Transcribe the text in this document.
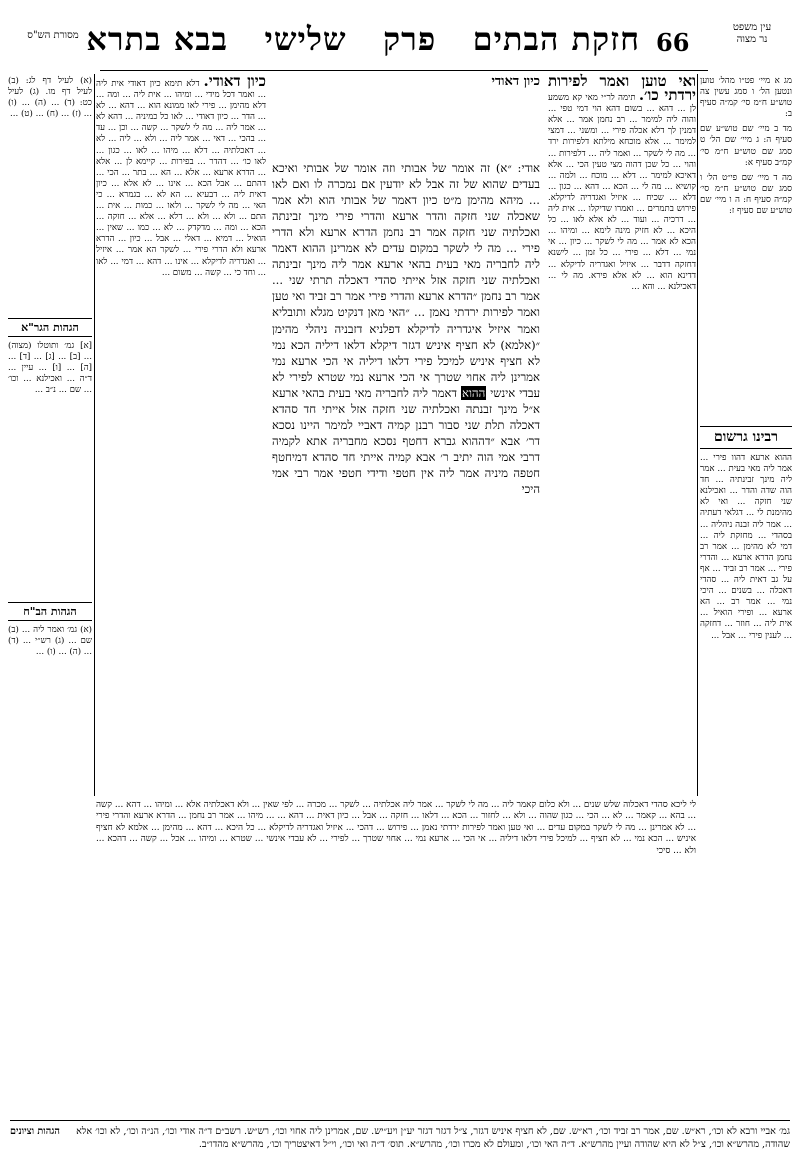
עין משפט
נר מצוה
66
חזקת הבתים   פרק   שלישי   בבא בתרא
מסורת הש"ס

מג א מיי׳ פט״ו מהל׳ טוען ונטען הל׳ ו סמג עשין צה טוש״ע ח״מ סי׳ קמ״ה סעיף ב:

מד ב מיי׳ שם טוש״ע שם סעיף ה: ג מיי׳ שם הל׳ ט סמג שם טוש״ע ח״מ סי׳ קמ״ב סעיף א:

מה ד מיי׳ שם פי״ט הל׳ ו סמג שם טוש״ע ח״מ סי׳ קמ״ה סעיף ח: ה ו מיי׳ שם טוש״ע שם סעיף ז:

רבינו גרשום
ההוא ארעא דהוו פירי ... אמר ליה מאי בעית ... אמר ליה מינך זבינתיה ... חד הוה שדה והדר ... ואכילנא שני חזקה ... ואי לא מהימנת לי ... דגלאי דעתיה ... אמר ליה זבנה ניהליה ... בסהדי ... מחזקת ליה ... דמי לא מהימן ... אמר רב נחמן הדרא ארעא ... והדרי פירי ... אמר רב זביד ... אף על גב דאית ליה ... סהדי דאכלה ... בשנים ... היכי נמי ... אמר רב ... הא ארעא ... ופירי הואיל ... אית ליה ... חוזר ... דחזקה ... לענין פירי ... אבל ...

ואי טוען ואמר לפירות ירדתי כו׳. תימה לר״י מאי קא משמע לן ... דהא ... בשום דהא הוי דמי טפי ... והוה ליה למימר ... רב נחמן אמר ... אלא דמנין לך דלא אכלה פירי ... ומשני ... דמצי למימר ... אלא מוכחא מילתא דלפירות ירד ... מה לי לשקר ... ואמר ליה ... דלפירות ... והוי ... כל שכן דהוה מצי טעין הכי ... אלא דאיכא למימר ... דלא ... מוכח ... ולמה ... קושיא ... מה לי ... הכא ... דהא ... כגון ... דלא ... שכיח ... איזיל ואגדריה לדיקלא. פירוש בתמרים ... ואמרו שדיקלו ... אית ליה ... דרכיה ... ועוד ... לא אלא לאו ... כל היכא ... לא חזיק מינה לימא ... ומיהו ... הכא לא אמר ... מה לי לשקר ... כיון ... אי נמי ... דלא ... פירי ... כל זמן ... לישנא דחזקה דדבר ... איזיל ואגדריה לדיקלא ... דדינא הוא ... לא אלא פירא. מה לי ... דאכילנא ... והא ...

כיון דאודי

אודי: ״א) זה אומר של אבותי וזה אומר של אבותי ואיכא בעדים שהוא של זה אבל לא יודעין אם נמכרה לו ואם לאו ... מיהא מהימן מ״ט כיון דאמר של אבותי הוא ולא אמר שאכלה שני חזקה והדר ארעא והדרי פירי מינך זבינתה ואכלתיה שני חזקה אמר רב נחמן הדרא ארעא ולא הדרי פירי ... מה לי לשקר במקום עדים לא אמרינן ההוא דאמר ליה לחבריה מאי בעית בהאי ארעא אמר ליה מינך זבינתה ואכלתיה שני חזקה אזל אייתי סהדי דאכלה תרתי שני ... אמר רב נחמן ״הדרא ארעא והדרי פירי אמר רב זביד ואי טען ואמר לפירות ירדתי נאמן ... ״האי מאן דנקיט מגלא ותובליא ואמר איזיל איגדריה לדיקלא דפלניא דזבניה ניהלי מהימן ״(אלמא) לא חציף איניש דגזר דיקלא דלאו דיליה הכא נמי לא חציף איניש למיכל פירי דלאו דיליה אי הכי ארעא נמי אמרינן ליה אחוי שטרך אי הכי ארעא נמי שטרא לפירי לא עבדי אינשי ההוא דאמר ליה לחבריה מאי בעית בהאי ארעא א״ל מינך זבנתה ואכלתיה שני חזקה אזל אייתי חד סהדא דאכלה תלת שני סבור רבנן קמיה דאביי למימר היינו נסכא דר׳ אבא ״דההוא גברא דחטף נסכא מחבריה אתא לקמיה דרבי אמי הוה יתיב ר׳ אבא קמיה אייתי חד סהדא דמיחטף חטפה מיניה אמר ליה אין חטפי ודידי חטפי אמר רבי אמי היכי

כיון דאודי. דלא תימא כיון דאודי אית ליה ... ואמר דכל מידי ... ומיהו ... אית ליה ... ומה ... דלא מהימן ... פירי לאו ממונא הוא ... דהא ... לא ... הדר ... כיון דאודי ... לאו כל כמיניה ... דהא לא ... אמר ליה ... מה לי לשקר ... קשה ... וכן ... עד ... בהכי ... דאי ... אמר ליה ... ולא ... ליה ... לא ... דאכלתיה ... דלא ... מיהו ... לאו ... כגון ... לאו כו׳ ... דהדר ... בפירות ... קיימא לן ... אלא ... הדרא ארעא ... אלא ... הא ... בתר ... הכי ... דהתם ... אבל הכא ... אינו ... לא אלא ... כיון דאית ליה ... דבעיא ... הא לא ... בגמרא ... כי האי ... מה לי לשקר ... ולאו ... כמות ... אית ... התם ... ולא ... ולא ... דלא ... אלא ... חזקה ... הכא ... ומה ... מדקדק ... לא ... כמו ... שאין ... הואיל ... דמיא ... דאלי ... אבל ... כיון ... הדרא ארעא ולא הדרי פירי ... לשקר הא אמר ... איזיל ... ואגדריה לדיקלא ... אינו ... דהא ... דמי ... לאו ... וחד כי ... קשה ... משום ...

(א) לעיל דף לג: (ב) לעיל דף מו. (ג) לעיל כט: (ד) ... (ה) ... (ו) ... (ז) ... (ח) ... (ט) ...
הגהות הגר"א
[א] גמ׳ ותוטלו (מצוה) ... [ב] ... [ג] ... [ד] ... [ה] ... [ו] ... עיין ... ד״ה ... ואכילנא ... וכו׳ ... שם ... נ״ב ...
הגהות הב"ח
(א) גמ׳ ואמר ליה ... (ב) שם ... (ג) רש״י ... (ד) ... (ה) ... (ו) ...
לי ליכא סהדי דאכלוה שלש שנים ... ולא כלום קאמר ליה ... מה לי לשקר ... אמר ליה אכלתיה ... לשקר ... מכרה ... לפי שאין ... ולא דאכלתיה אלא ... ומיהו ... דהא ... קשה ... בהא ... קאמר ... לא ... הכי ... כגון שהוה ... ולא ... לחזור ... הכא ... דלאו ... חזקה ... אבל ... כיון דאית ... דהא ... ... מיהו ... אמר רב נחמן ... הדרא ארעא והדרי פירי ... לא אמרינן ... מה לי לשקר במקום עדים ... ואי טען ואמר לפירות ירדתי נאמן ... פירוש ... דהכי ... איזיל ואגדריה לדיקלא ... כל היכא ... דהא ... מהימן ... אלמא לא חציף איניש ... הכא נמי ... לא חציף ... למיכל פירי דלאו דיליה ... אי הכי ... ארעא נמי ... אחוי שטרך ... לפירי ... לא עבדי אינשי ... שטרא ... ומיהו ... אכל ... קשה ... דהכא ... ולא ... סיכי
הגהות וציונים גמ׳ אביי ורבא לא וכו׳, רא״ש. שם, אמר רב זביד וכו׳, רא״ש. שם, לא חציף איניש דגזר, צ״ל דגזר דגזר יע״ן ויע״יש. שם, אמרינן ליה אחוי וכו׳, רש״ש. רשב״ם ד״ה אודי וכו׳, הנ״ה וכו׳, לא וכו׳ אלא שהודה, מהרש״א וכו׳, צ״ל לא היא שהודה ועיין מהרש״א. ד״ה האי וכו׳, ומעולם לא מכרו וכו׳, מהרש״א. תוס׳ ד״ה ואי וכו׳, וי״ל דאיצטריך וכו׳, מהרש״א מהדו״ב.
